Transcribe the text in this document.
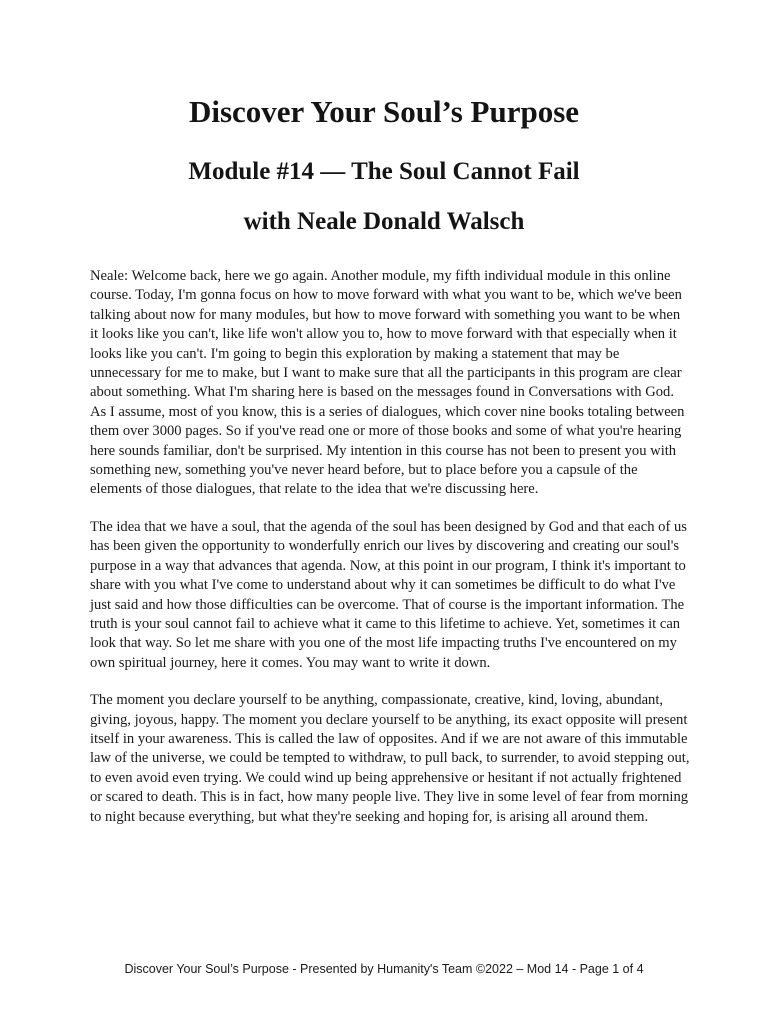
Discover Your Soul’s Purpose
Module #14 — The Soul Cannot Fail
with Neale Donald Walsch

Neale: Welcome back, here we go again. Another module, my fifth individual module in this online course. Today, I'm gonna focus on how to move forward with what you want to be, which we've been talking about now for many modules, but how to move forward with something you want to be when it looks like you can't, like life won't allow you to, how to move forward with that especially when it looks like you can't. I'm going to begin this exploration by making a statement that may be unnecessary for me to make, but I want to make sure that all the participants in this program are clear about something. What I'm sharing here is based on the messages found in Conversations with God. As I assume, most of you know, this is a series of dialogues, which cover nine books totaling between them over 3000 pages. So if you've read one or more of those books and some of what you're hearing here sounds familiar, don't be surprised. My intention in this course has not been to present you with something new, something you've never heard before, but to place before you a capsule of the elements of those dialogues, that relate to the idea that we're discussing here.

The idea that we have a soul, that the agenda of the soul has been designed by God and that each of us has been given the opportunity to wonderfully enrich our lives by discovering and creating our soul's purpose in a way that advances that agenda. Now, at this point in our program, I think it's important to share with you what I've come to understand about why it can sometimes be difficult to do what I've just said and how those difficulties can be overcome. That of course is the important information. The truth is your soul cannot fail to achieve what it came to this lifetime to achieve. Yet, sometimes it can look that way. So let me share with you one of the most life impacting truths I've encountered on my own spiritual journey, here it comes. You may want to write it down.

The moment you declare yourself to be anything, compassionate, creative, kind, loving, abundant, giving, joyous, happy. The moment you declare yourself to be anything, its exact opposite will present itself in your awareness. This is called the law of opposites. And if we are not aware of this immutable law of the universe, we could be tempted to withdraw, to pull back, to surrender, to avoid stepping out, to even avoid even trying. We could wind up being apprehensive or hesitant if not actually frightened or scared to death. This is in fact, how many people live. They live in some level of fear from morning to night because everything, but what they're seeking and hoping for, is arising all around them.

Discover Your Soul’s Purpose - Presented by Humanity's Team ©2022 – Mod 14 - Page 1 of 4
